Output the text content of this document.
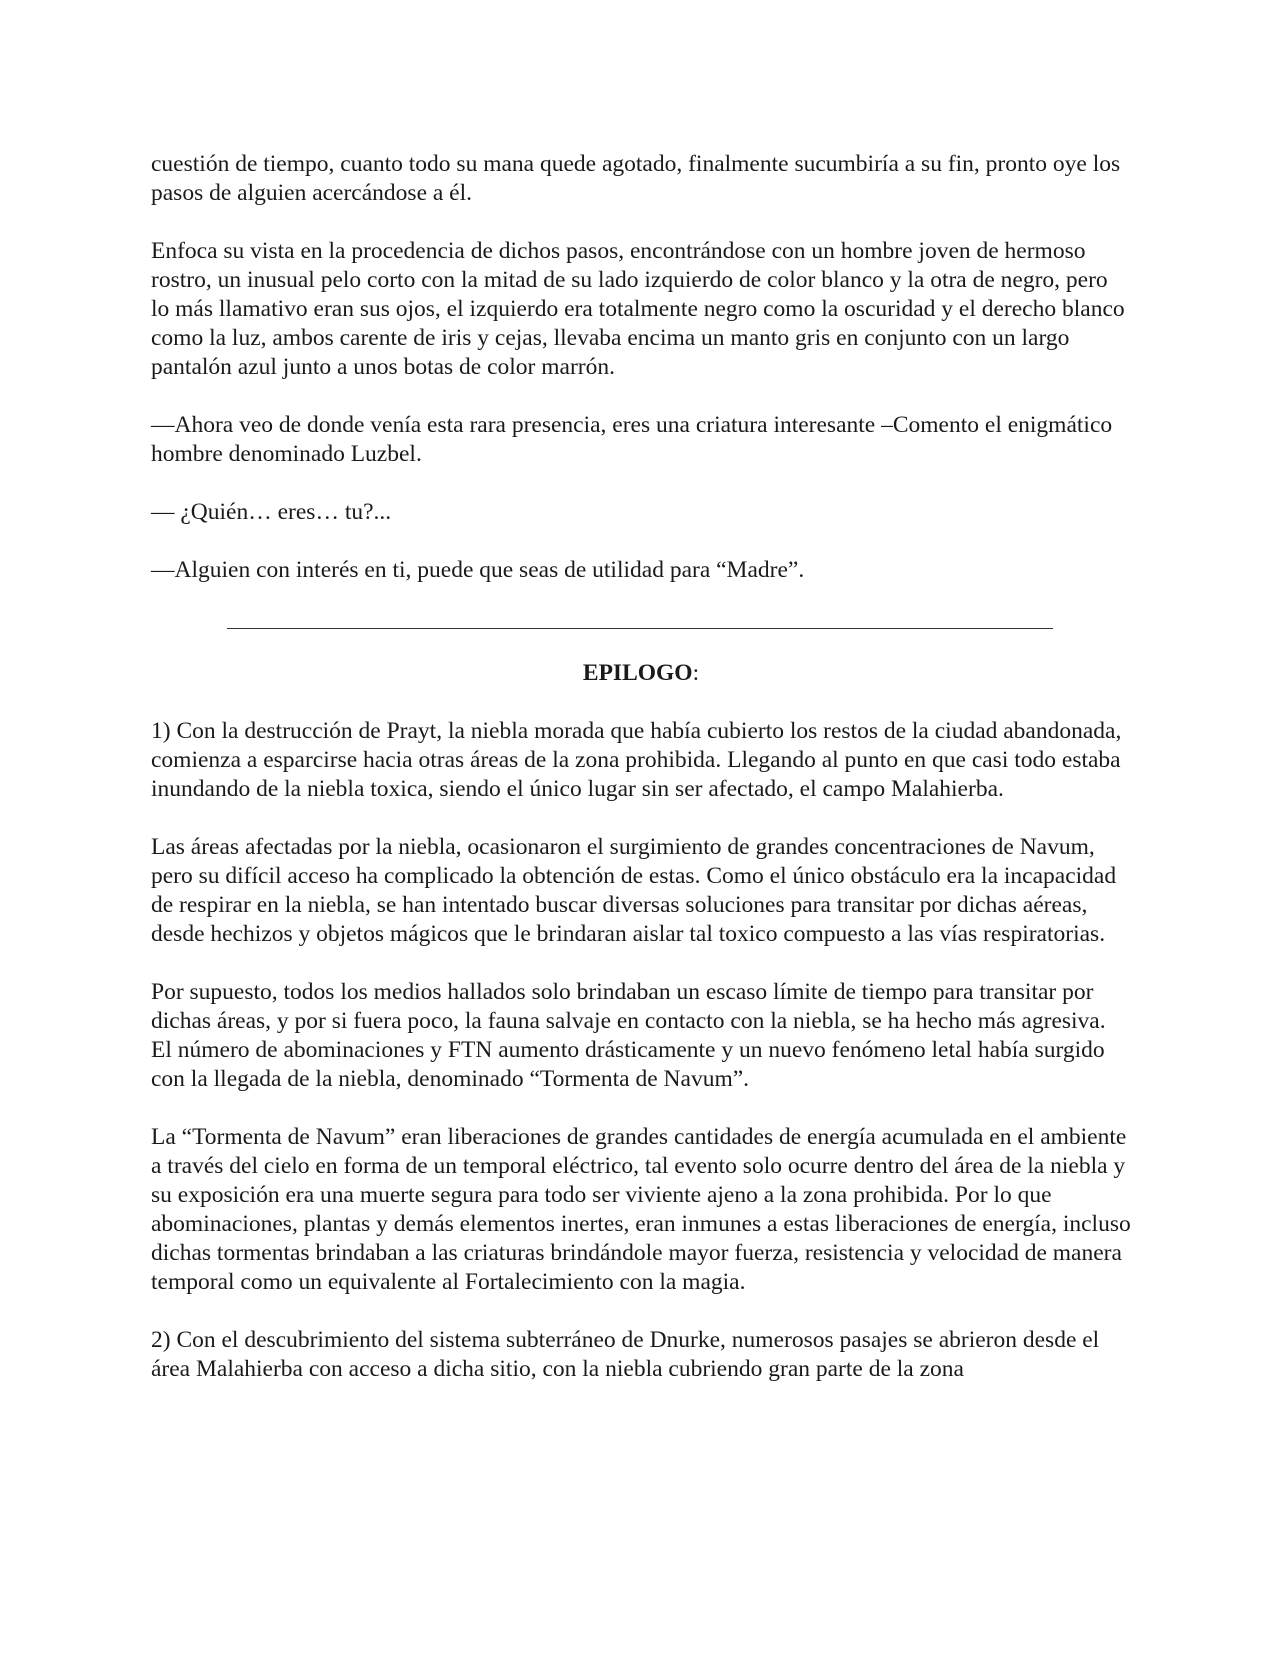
cuestión de tiempo, cuanto todo su mana quede agotado, finalmente sucumbiría a su fin, pronto oye los pasos de alguien acercándose a él.

Enfoca su vista en la procedencia de dichos pasos, encontrándose con un hombre joven de hermoso rostro, un inusual pelo corto con la mitad de su lado izquierdo de color blanco y la otra de negro, pero lo más llamativo eran sus ojos, el izquierdo era totalmente negro como la oscuridad y el derecho blanco como la luz, ambos carente de iris y cejas, llevaba encima un manto gris en conjunto con un largo pantalón azul junto a unos botas de color marrón.

—Ahora veo de donde venía esta rara presencia, eres una criatura interesante –Comento el enigmático hombre denominado Luzbel.

— ¿Quién… eres… tu?...

—Alguien con interés en ti, puede que seas de utilidad para “Madre”.

EPILOGO:

1) Con la destrucción de Prayt, la niebla morada que había cubierto los restos de la ciudad abandonada, comienza a esparcirse hacia otras áreas de la zona prohibida. Llegando al punto en que casi todo estaba inundando de la niebla toxica, siendo el único lugar sin ser afectado, el campo Malahierba.

Las áreas afectadas por la niebla, ocasionaron el surgimiento de grandes concentraciones de Navum, pero su difícil acceso ha complicado la obtención de estas. Como el único obstáculo era la incapacidad de respirar en la niebla, se han intentado buscar diversas soluciones para transitar por dichas aéreas, desde hechizos y objetos mágicos que le brindaran aislar tal toxico compuesto a las vías respiratorias.

Por supuesto, todos los medios hallados solo brindaban un escaso límite de tiempo para transitar por dichas áreas, y por si fuera poco, la fauna salvaje en contacto con la niebla, se ha hecho más agresiva. El número de abominaciones y FTN aumento drásticamente y un nuevo fenómeno letal había surgido con la llegada de la niebla, denominado “Tormenta de Navum”.

La “Tormenta de Navum” eran liberaciones de grandes cantidades de energía acumulada en el ambiente a través del cielo en forma de un temporal eléctrico, tal evento solo ocurre dentro del área de la niebla y su exposición era una muerte segura para todo ser viviente ajeno a la zona prohibida. Por lo que abominaciones, plantas y demás elementos inertes, eran inmunes a estas liberaciones de energía, incluso dichas tormentas brindaban a las criaturas brindándole mayor fuerza, resistencia y velocidad de manera temporal como un equivalente al Fortalecimiento con la magia.

2) Con el descubrimiento del sistema subterráneo de Dnurke, numerosos pasajes se abrieron desde el área Malahierba con acceso a dicha sitio, con la niebla cubriendo gran parte de la zona
